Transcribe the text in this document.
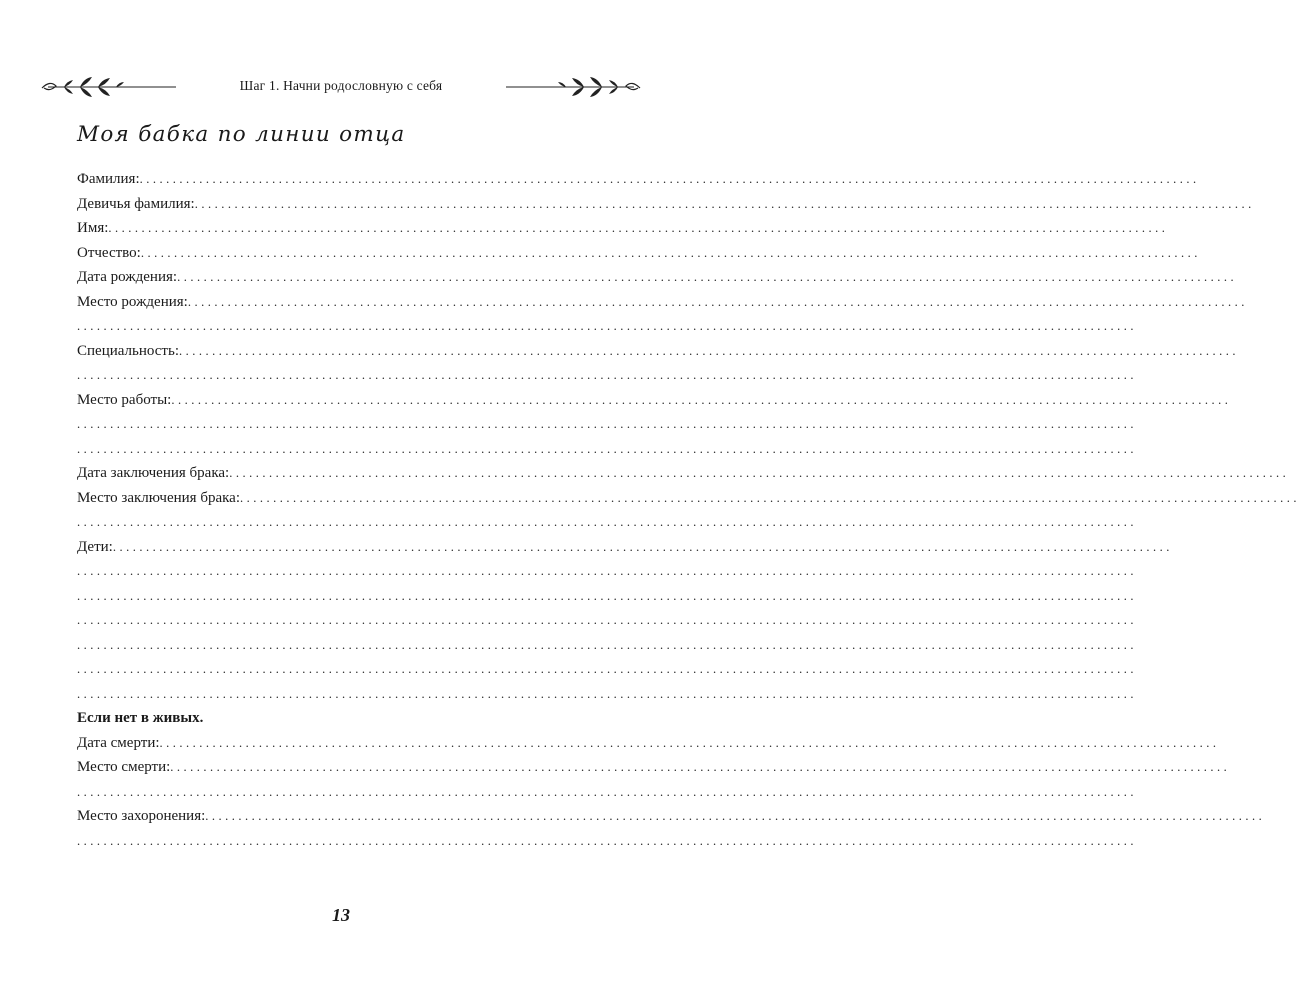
Шаг 1. Начни родословную с себя
Моя бабка по линии отца
Фамилия: ................................................................................................................................................................
Девичья фамилия: ................................................................................................................................................................
Имя: ................................................................................................................................................................
Отчество: ................................................................................................................................................................
Дата рождения: ................................................................................................................................................................
Место рождения: ................................................................................................................................................................
................................................................................................................................................................
Специальность: ................................................................................................................................................................
................................................................................................................................................................
Место работы: ................................................................................................................................................................
................................................................................................................................................................
................................................................................................................................................................
Дата заключения брака: ................................................................................................................................................................
Место заключения брака: ................................................................................................................................................................
................................................................................................................................................................
Дети: ................................................................................................................................................................
................................................................................................................................................................
................................................................................................................................................................
................................................................................................................................................................
................................................................................................................................................................
................................................................................................................................................................
................................................................................................................................................................
Если нет в живых.
Дата смерти: ................................................................................................................................................................
Место смерти: ................................................................................................................................................................
................................................................................................................................................................
Место захоронения: ................................................................................................................................................................
................................................................................................................................................................
13
